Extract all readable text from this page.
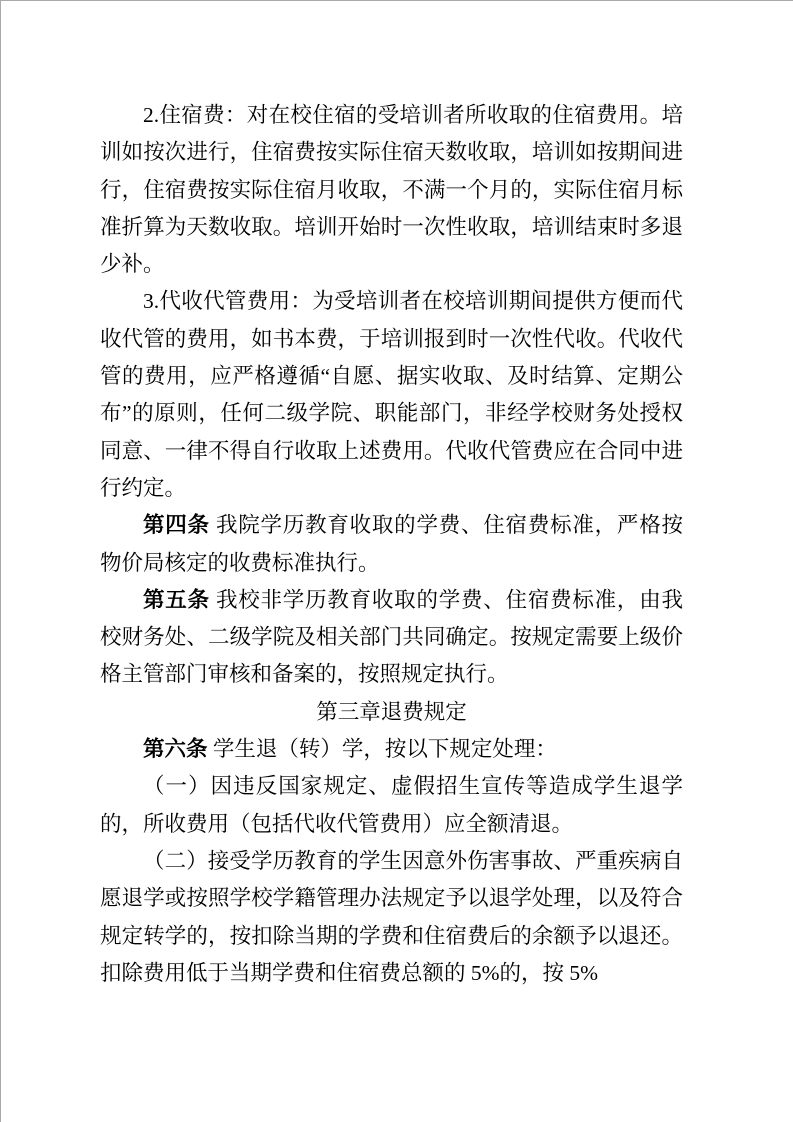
2.住宿费：对在校住宿的受培训者所收取的住宿费用。培训如按次进行，住宿费按实际住宿天数收取，培训如按期间进行，住宿费按实际住宿月收取，不满一个月的，实际住宿月标准折算为天数收取。培训开始时一次性收取，培训结束时多退少补。

3.代收代管费用：为受培训者在校培训期间提供方便而代收代管的费用，如书本费，于培训报到时一次性代收。代收代管的费用，应严格遵循“自愿、据实收取、及时结算、定期公布”的原则，任何二级学院、职能部门，非经学校财务处授权同意、一律不得自行收取上述费用。代收代管费应在合同中进行约定。

第四条 我院学历教育收取的学费、住宿费标准，严格按物价局核定的收费标准执行。

第五条 我校非学历教育收取的学费、住宿费标准，由我校财务处、二级学院及相关部门共同确定。按规定需要上级价格主管部门审核和备案的，按照规定执行。

第三章退费规定

第六条 学生退（转）学，按以下规定处理：

（一）因违反国家规定、虚假招生宣传等造成学生退学的，所收费用（包括代收代管费用）应全额清退。

（二）接受学历教育的学生因意外伤害事故、严重疾病自愿退学或按照学校学籍管理办法规定予以退学处理，以及符合规定转学的，按扣除当期的学费和住宿费后的余额予以退还。扣除费用低于当期学费和住宿费总额的 5%的，按 5%
